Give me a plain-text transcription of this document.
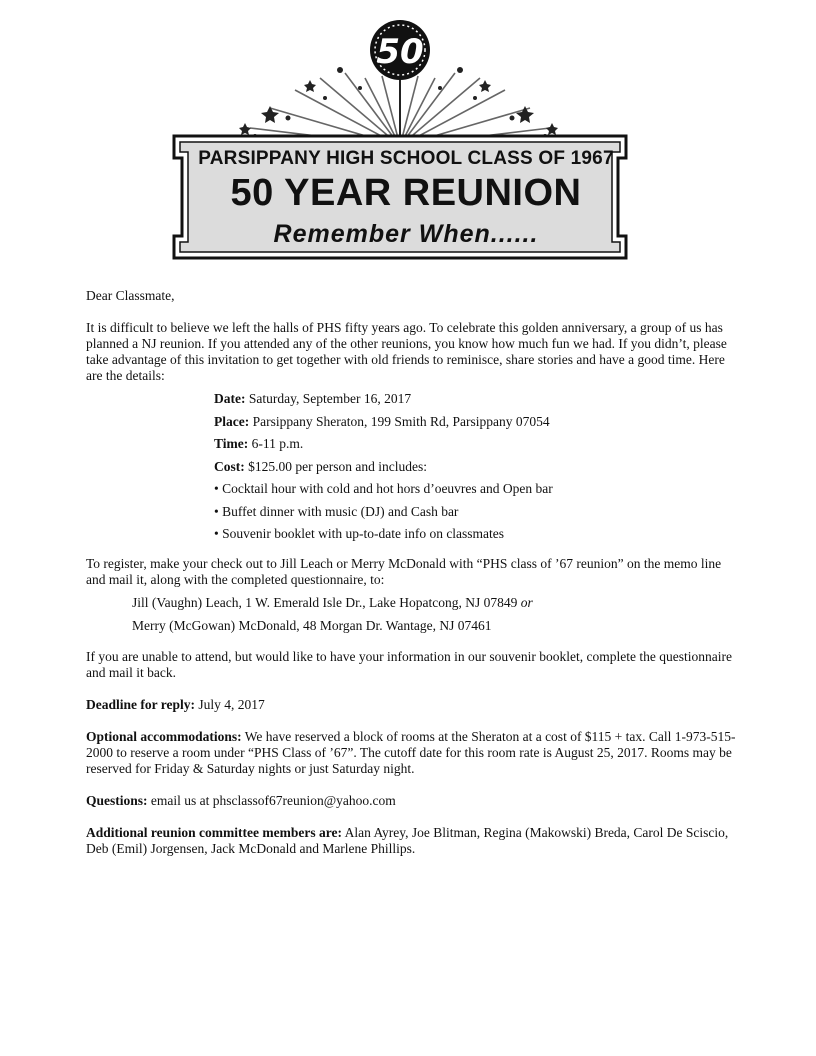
50
PARSIPPANY HIGH SCHOOL CLASS OF 1967
50 YEAR REUNION
Remember When......

Dear Classmate,

It is difficult to believe we left the halls of PHS fifty years ago. To celebrate this golden anniversary, a group of us has planned a NJ reunion. If you attended any of the other reunions, you know how much fun we had. If you didn’t, please take advantage of this invitation to get together with old friends to reminisce, share stories and have a good time. Here are the details:

Date: Saturday, September 16, 2017
Place: Parsippany Sheraton, 199 Smith Rd, Parsippany 07054
Time: 6-11 p.m.
Cost: $125.00 per person and includes:
• Cocktail hour with cold and hot hors d’oeuvres and Open bar
• Buffet dinner with music (DJ) and Cash bar
• Souvenir booklet with up-to-date info on classmates

To register, make your check out to Jill Leach or Merry McDonald with “PHS class of ’67 reunion” on the memo line and mail it, along with the completed questionnaire, to:

Jill (Vaughn) Leach, 1 W. Emerald Isle Dr., Lake Hopatcong, NJ 07849 or
Merry (McGowan) McDonald, 48 Morgan Dr. Wantage, NJ 07461

If you are unable to attend, but would like to have your information in our souvenir booklet, complete the questionnaire and mail it back.

Deadline for reply: July 4, 2017

Optional accommodations: We have reserved a block of rooms at the Sheraton at a cost of $115 + tax. Call 1-973-515-2000 to reserve a room under “PHS Class of ’67”. The cutoff date for this room rate is August 25, 2017. Rooms may be reserved for Friday & Saturday nights or just Saturday night.

Questions: email us at phsclassof67reunion@yahoo.com

Additional reunion committee members are: Alan Ayrey, Joe Blitman, Regina (Makowski) Breda, Carol De Sciscio, Deb (Emil) Jorgensen, Jack McDonald and Marlene Phillips.
